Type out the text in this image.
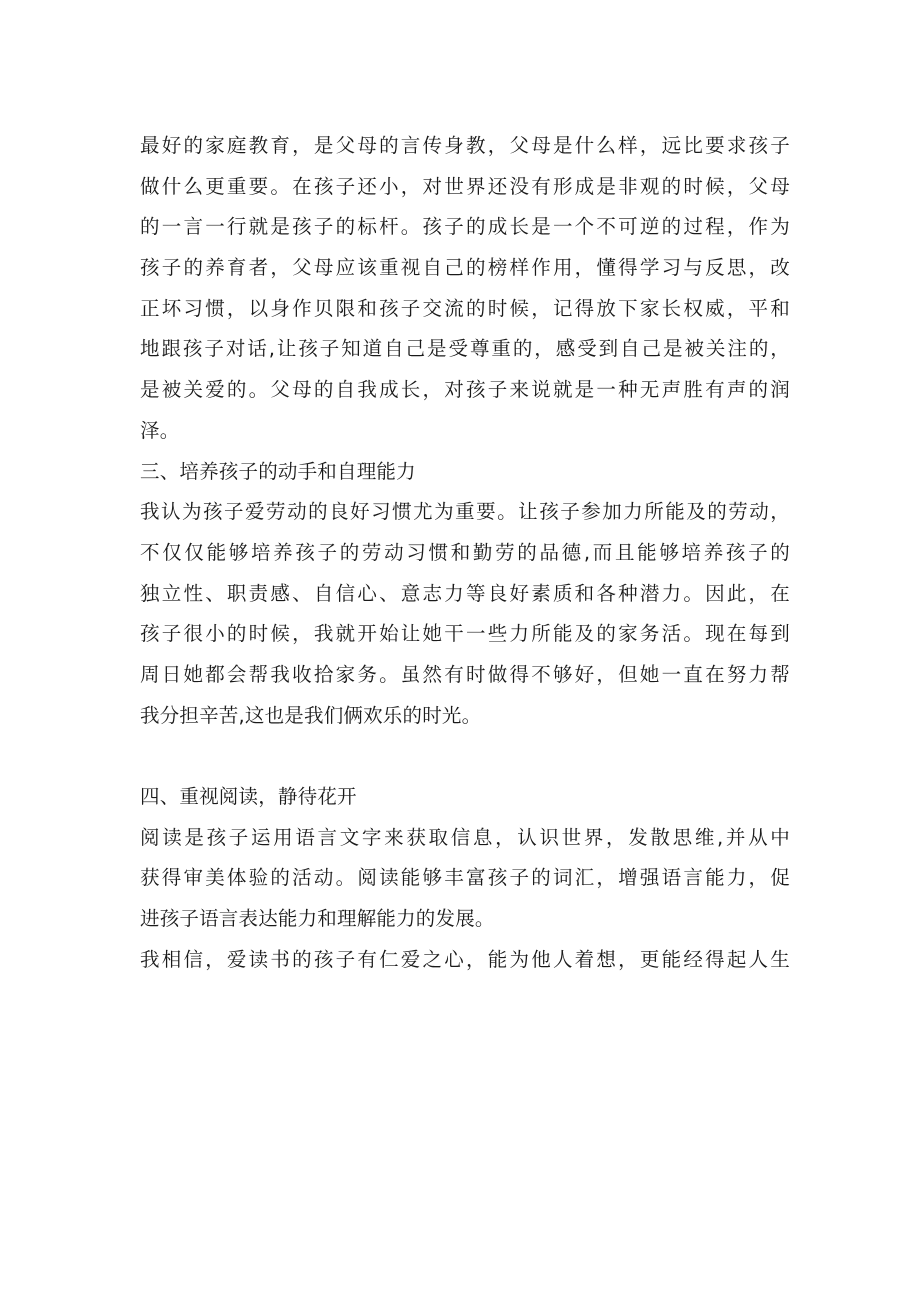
最好的家庭教育，是父母的言传身教，父母是什么样，远比要求孩子
做什么更重要。在孩子还小，对世界还没有形成是非观的时候，父母
的一言一行就是孩子的标杆。孩子的成长是一个不可逆的过程，作为
孩子的养育者，父母应该重视自己的榜样作用，懂得学习与反思，改
正坏习惯，以身作贝限和孩子交流的时候，记得放下家长权威，平和
地跟孩子对话,让孩子知道自己是受尊重的，感受到自己是被关注的，
是被关爱的。父母的自我成长，对孩子来说就是一种无声胜有声的润
泽。
三、培养孩子的动手和自理能力
我认为孩子爱劳动的良好习惯尤为重要。让孩子参加力所能及的劳动，
不仅仅能够培养孩子的劳动习惯和勤劳的品德,而且能够培养孩子的
独立性、职责感、自信心、意志力等良好素质和各种潜力。因此，在
孩子很小的时候，我就开始让她干一些力所能及的家务活。现在每到
周日她都会帮我收拾家务。虽然有时做得不够好，但她一直在努力帮
我分担辛苦,这也是我们俩欢乐的时光。
四、重视阅读，静待花开
阅读是孩子运用语言文字来获取信息，认识世界，发散思维,并从中
获得审美体验的活动。阅读能够丰富孩子的词汇，增强语言能力，促
进孩子语言表达能力和理解能力的发展。
我相信，爱读书的孩子有仁爱之心，能为他人着想，更能经得起人生
